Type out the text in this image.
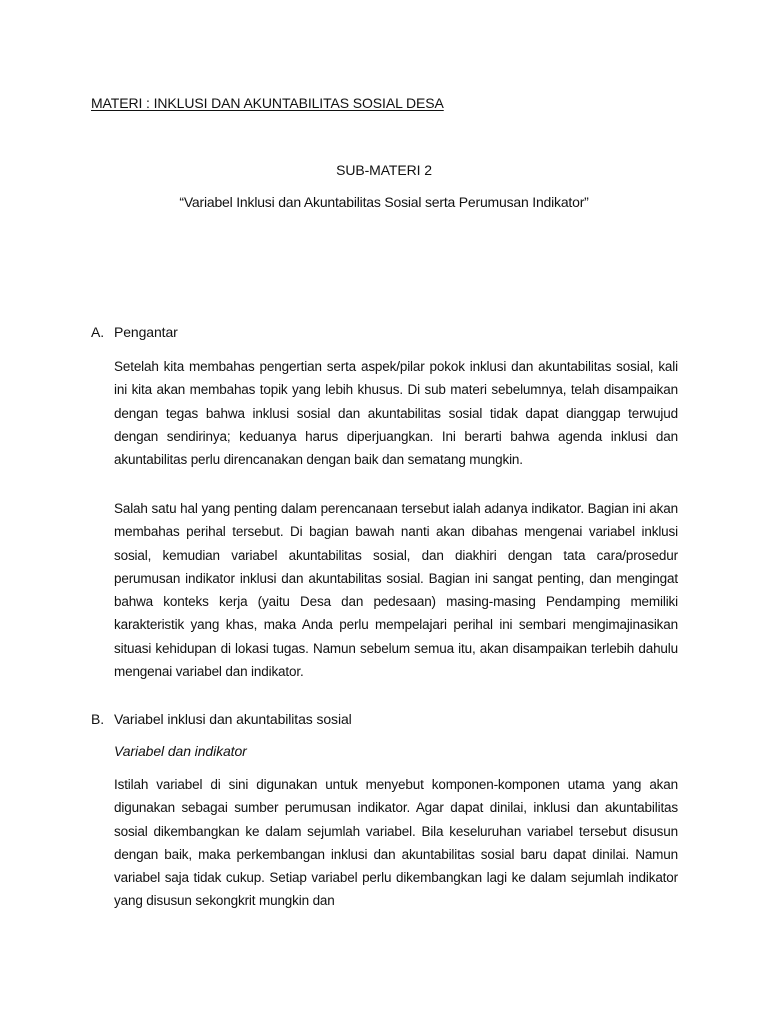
MATERI : INKLUSI DAN AKUNTABILITAS SOSIAL DESA
SUB-MATERI 2
“Variabel Inklusi dan Akuntabilitas Sosial serta Perumusan Indikator”
A. Pengantar
Setelah kita membahas pengertian serta aspek/pilar pokok inklusi dan akuntabilitas sosial, kali ini kita akan membahas topik yang lebih khusus. Di sub materi sebelumnya, telah disampaikan dengan tegas bahwa inklusi sosial dan akuntabilitas sosial tidak dapat dianggap terwujud dengan sendirinya; keduanya harus diperjuangkan. Ini berarti bahwa agenda inklusi dan akuntabilitas perlu direncanakan dengan baik dan sematang mungkin.
Salah satu hal yang penting dalam perencanaan tersebut ialah adanya indikator. Bagian ini akan membahas perihal tersebut. Di bagian bawah nanti akan dibahas mengenai variabel inklusi sosial, kemudian variabel akuntabilitas sosial, dan diakhiri dengan tata cara/prosedur perumusan indikator inklusi dan akuntabilitas sosial. Bagian ini sangat penting, dan mengingat bahwa konteks kerja (yaitu Desa dan pedesaan) masing-masing Pendamping memiliki karakteristik yang khas, maka Anda perlu mempelajari perihal ini sembari mengimajinasikan situasi kehidupan di lokasi tugas. Namun sebelum semua itu, akan disampaikan terlebih dahulu mengenai variabel dan indikator.
B. Variabel inklusi dan akuntabilitas sosial
Variabel dan indikator
Istilah variabel di sini digunakan untuk menyebut komponen-komponen utama yang akan digunakan sebagai sumber perumusan indikator. Agar dapat dinilai, inklusi dan akuntabilitas sosial dikembangkan ke dalam sejumlah variabel. Bila keseluruhan variabel tersebut disusun dengan baik, maka perkembangan inklusi dan akuntabilitas sosial baru dapat dinilai. Namun variabel saja tidak cukup. Setiap variabel perlu dikembangkan lagi ke dalam sejumlah indikator yang disusun sekongkrit mungkin dan
